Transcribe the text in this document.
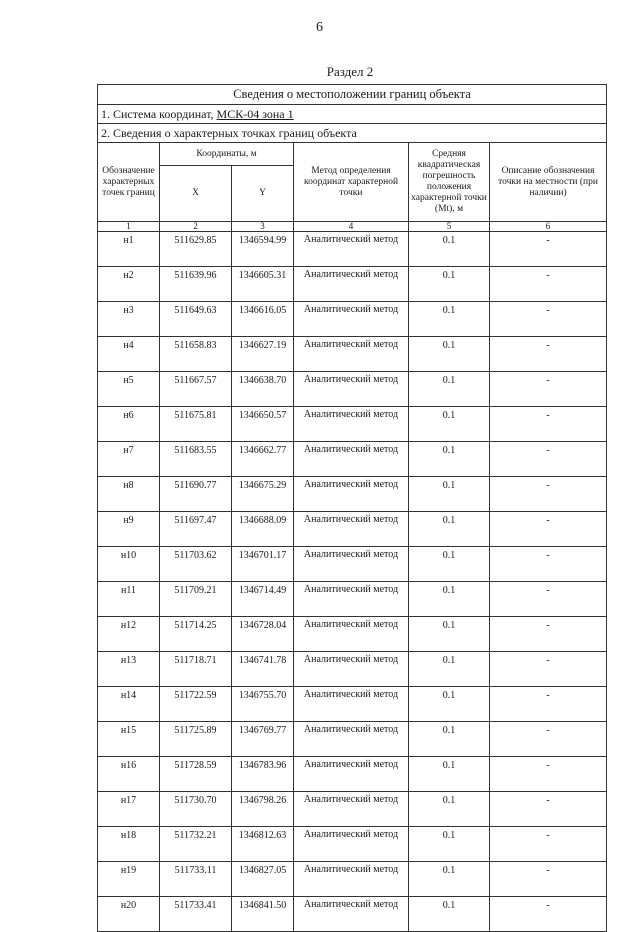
6
Раздел 2
Сведения о местоположении границ объекта					
1. Система координат, МСК-04 зона 1					
2. Сведения о характерных точках границ объекта					
Обозначение характерных точек границ	Координаты, м		Метод определения координат характерной точки	Средняя квадратическая погрешность положения характерной точки (Mt), м	Описание обозначения точки на местности (при наличии)
	X	Y			
1	2	3	4	5	6
н1	511629.85	1346594.99	Аналитический метод	0.1	-
н2	511639.96	1346605.31	Аналитический метод	0.1	-
н3	511649.63	1346616.05	Аналитический метод	0.1	-
н4	511658.83	1346627.19	Аналитический метод	0.1	-
н5	511667.57	1346638.70	Аналитический метод	0.1	-
н6	511675.81	1346650.57	Аналитический метод	0.1	-
н7	511683.55	1346662.77	Аналитический метод	0.1	-
н8	511690.77	1346675.29	Аналитический метод	0.1	-
н9	511697.47	1346688.09	Аналитический метод	0.1	-
н10	511703.62	1346701.17	Аналитический метод	0.1	-
н11	511709.21	1346714.49	Аналитический метод	0.1	-
н12	511714.25	1346728.04	Аналитический метод	0.1	-
н13	511718.71	1346741.78	Аналитический метод	0.1	-
н14	511722.59	1346755.70	Аналитический метод	0.1	-
н15	511725.89	1346769.77	Аналитический метод	0.1	-
н16	511728.59	1346783.96	Аналитический метод	0.1	-
н17	511730.70	1346798.26	Аналитический метод	0.1	-
н18	511732.21	1346812.63	Аналитический метод	0.1	-
н19	511733.11	1346827.05	Аналитический метод	0.1	-
н20	511733.41	1346841.50	Аналитический метод	0.1	-
